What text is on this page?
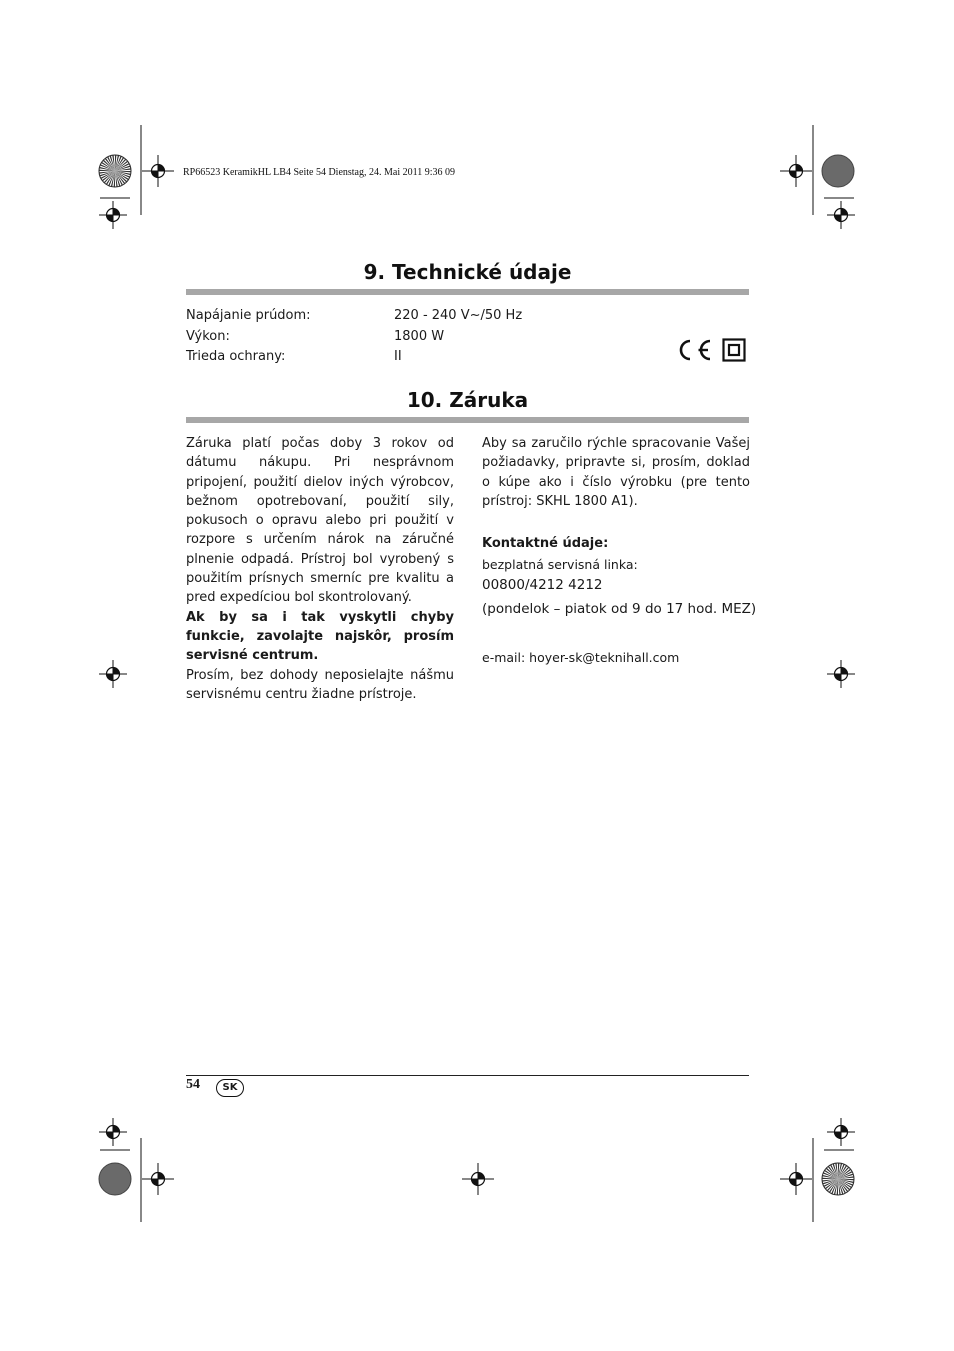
RP66523 KeramikHL LB4 Seite 54 Dienstag, 24. Mai 2011 9:36 09
9. Technické údaje
Napájanie prúdom:	220 - 240 V~/50 Hz
Výkon:	1800 W
Trieda ochrany:	II
10. Záruka

Záruka platí počas doby 3 rokov od dátumu nákupu. Pri nesprávnom pripojení, použití dielov iných výrobcov, bežnom opotrebovaní, použití sily, pokusoch o opravu alebo pri použití v rozpore s určením nárok na záručné plnenie odpadá. Prístroj bol vyrobený s použitím prísnych smerníc pre kvalitu a pred expedíciou bol skontrolovaný.

Ak by sa i tak vyskytli chyby funkcie, zavolajte najskôr, prosím servisné centrum.

Prosím, bez dohody neposielajte nášmu servisnému centru žiadne prístroje.

Aby sa zaručilo rýchle spracovanie Vašej požiadavky, pripravte si, prosím, doklad o kúpe ako i číslo výrobku (pre tento prístroj: SKHL 1800 A1).

Kontaktné údaje:
bezplatná servisná linka:
00800/4212 4212
(pondelok – piatok od 9 do 17 hod. MEZ)
e-mail: hoyer-sk@teknihall.com
54	SK
